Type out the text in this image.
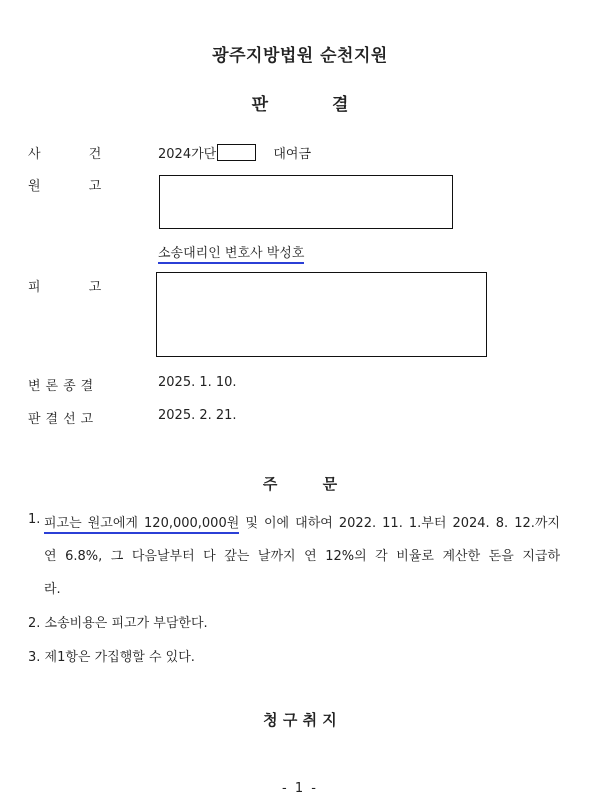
광주지방법원 순천지원
판 결
사 건	2024가단	대여금
원 고
소송대리인 변호사 박성호
피 고
변론종결	2025. 1. 10.
판결선고	2025. 2. 21.
주 문
1. 피고는 원고에게 120,000,000원 및 이에 대하여 2022. 11. 1.부터 2024. 8. 12.까지
연 6.8%, 그 다음날부터 다 갚는 날까지 연 12%의 각 비율로 계산한 돈을 지급하
라.
2. 소송비용은 피고가 부담한다.
3. 제1항은 가집행할 수 있다.
청 구 취 지
- 1 -
